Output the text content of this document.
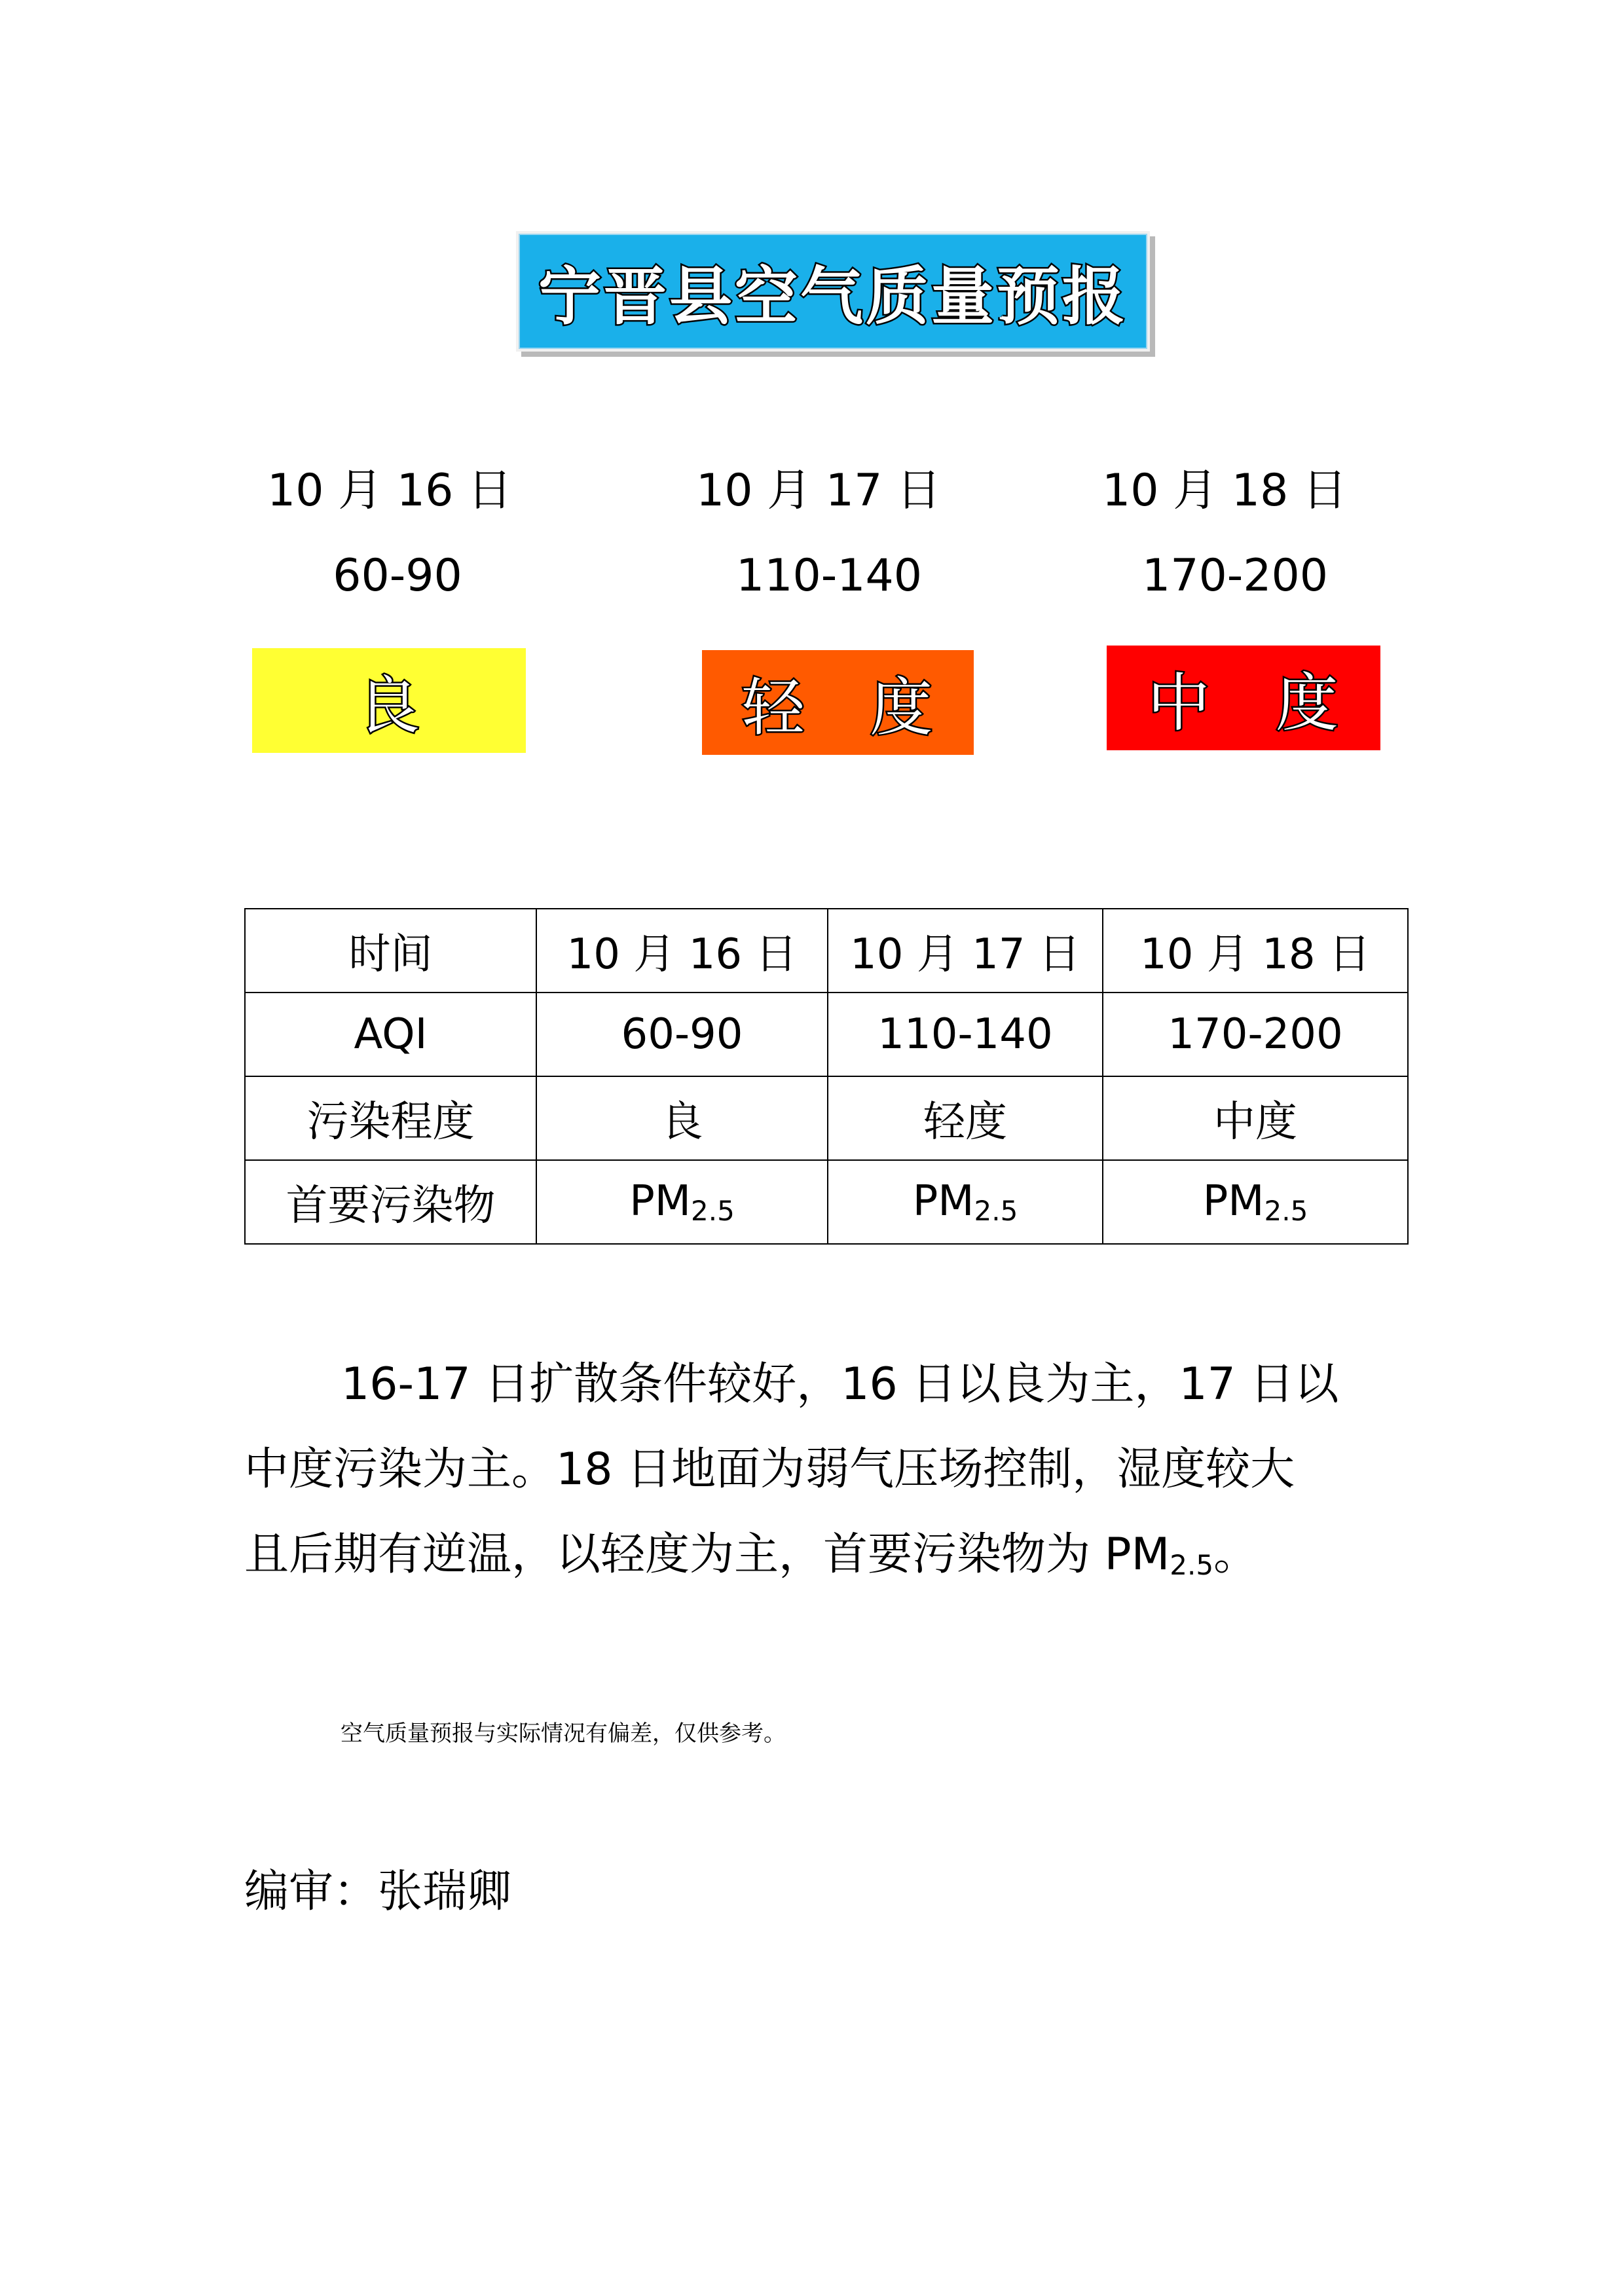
宁晋县空气质量预报
10 月 16 日
60-90
10 月 17 日
110-140
10 月 18 日
170-200
良	轻   度	中   度
时间	10 月 16 日	10 月 17 日	10 月 18 日
AQI	60-90	110-140	170-200
污染程度	良	轻度	中度
首要污染物	PM2.5	PM2.5	PM2.5
16-17 日扩散条件较好，16 日以良为主，17 日以
中度污染为主。18 日地面为弱气压场控制，湿度较大
且后期有逆温，以轻度为主，首要污染物为 PM2.5。
空气质量预报与实际情况有偏差，仅供参考。
编审：张瑞卿
